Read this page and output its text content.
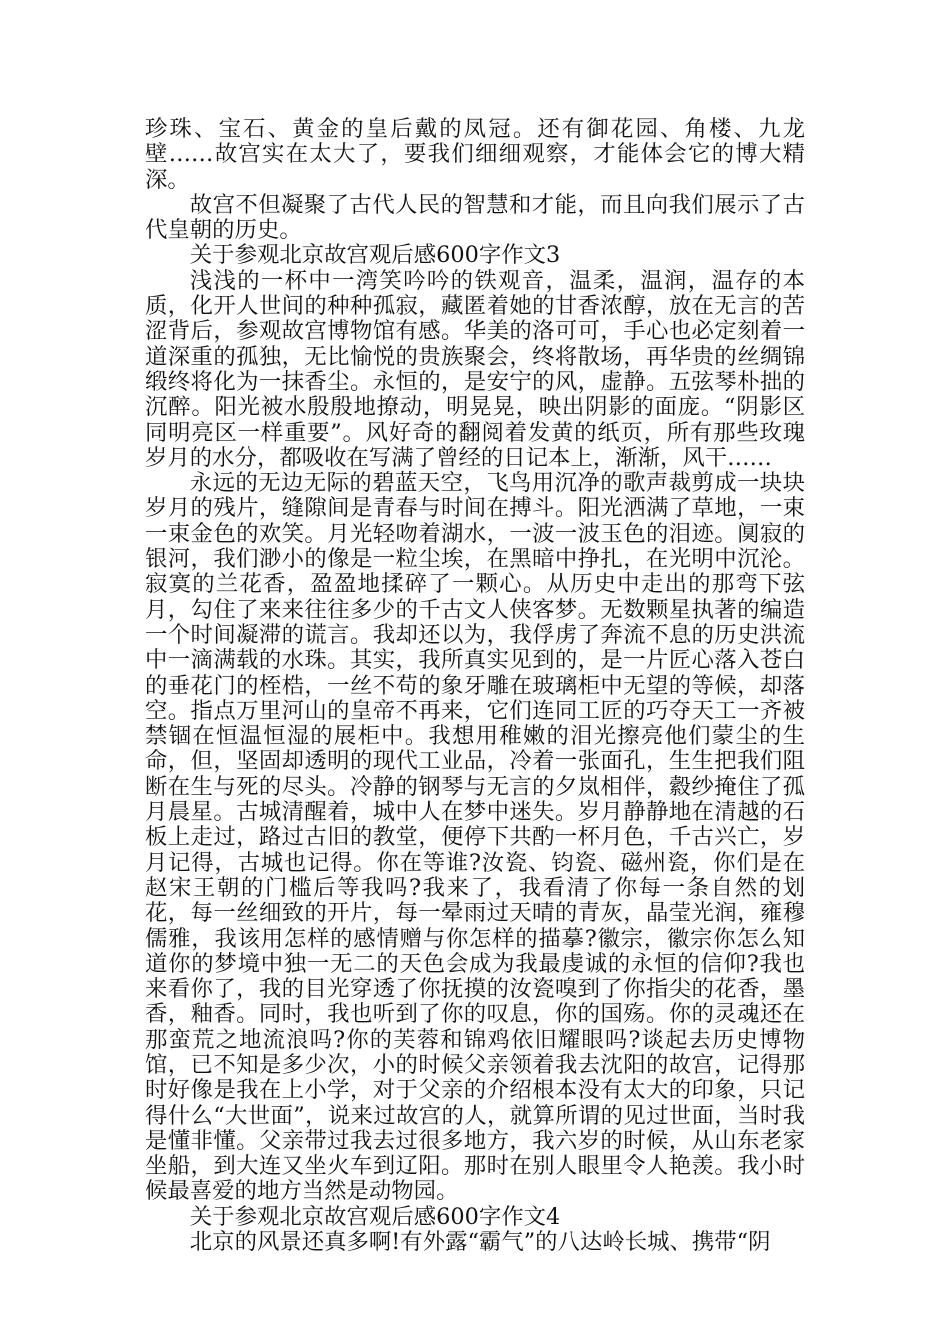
珍珠、宝石、黄金的皇后戴的凤冠。还有御花园、角楼、九龙壁……故宫实在太大了，要我们细细观察，才能体会它的博大精深。

故宫不但凝聚了古代人民的智慧和才能，而且向我们展示了古代皇朝的历史。

关于参观北京故宫观后感600字作文3

浅浅的一杯中一湾笑吟吟的铁观音，温柔，温润，温存的本质，化开人世间的种种孤寂，藏匿着她的甘香浓醇，放在无言的苦涩背后，参观故宫博物馆有感。华美的洛可可，手心也必定刻着一道深重的孤独，无比愉悦的贵族聚会，终将散场，再华贵的丝绸锦缎终将化为一抹香尘。永恒的，是安宁的风，虚静。五弦琴朴拙的沉醉。阳光被水殷殷地撩动，明晃晃，映出阴影的面庞。“阴影区同明亮区一样重要”。风好奇的翻阅着发黄的纸页，所有那些玫瑰岁月的水分，都吸收在写满了曾经的日记本上，渐渐，风干……

永远的无边无际的碧蓝天空，飞鸟用沉净的歌声裁剪成一块块岁月的残片，缝隙间是青春与时间在搏斗。阳光洒满了草地，一束一束金色的欢笑。月光轻吻着湖水，一波一波玉色的泪迹。阒寂的银河，我们渺小的像是一粒尘埃，在黑暗中挣扎，在光明中沉沦。寂寞的兰花香，盈盈地揉碎了一颗心。从历史中走出的那弯下弦月，勾住了来来往往多少的千古文人侠客梦。无数颗星执著的编造一个时间凝滞的谎言。我却还以为，我俘虏了奔流不息的历史洪流中一滴满载的水珠。其实，我所真实见到的，是一片匠心落入苍白的垂花门的桎梏，一丝不苟的象牙雕在玻璃柜中无望的等候，却落空。指点万里河山的皇帝不再来，它们连同工匠的巧夺天工一齐被禁锢在恒温恒湿的展柜中。我想用稚嫩的泪光擦亮他们蒙尘的生命，但，坚固却透明的现代工业品，冷着一张面孔，生生把我们阻断在生与死的尽头。冷静的钢琴与无言的夕岚相伴，縠纱掩住了孤月晨星。古城清醒着，城中人在梦中迷失。岁月静静地在清越的石板上走过，路过古旧的教堂，便停下共酌一杯月色，千古兴亡，岁月记得，古城也记得。你在等谁?汝瓷、钧瓷、磁州瓷，你们是在赵宋王朝的门槛后等我吗?我来了，我看清了你每一条自然的划花，每一丝细致的开片，每一晕雨过天晴的青灰，晶莹光润，雍穆儒雅，我该用怎样的感情赠与你怎样的描摹?徽宗，徽宗你怎么知道你的梦境中独一无二的天色会成为我最虔诚的永恒的信仰?我也来看你了，我的目光穿透了你抚摸的汝瓷嗅到了你指尖的花香，墨香，釉香。同时，我也听到了你的叹息，你的国殇。你的灵魂还在那蛮荒之地流浪吗?你的芙蓉和锦鸡依旧耀眼吗?谈起去历史博物馆，已不知是多少次，小的时候父亲领着我去沈阳的故宫，记得那时好像是我在上小学，对于父亲的介绍根本没有太大的印象，只记得什么“大世面”，说来过故宫的人，就算所谓的见过世面，当时我是懂非懂。父亲带过我去过很多地方，我六岁的时候，从山东老家坐船，到大连又坐火车到辽阳。那时在别人眼里令人艳羡。我小时候最喜爱的地方当然是动物园。

关于参观北京故宫观后感600字作文4

北京的风景还真多啊!有外露“霸气”的八达岭长城、携带“阴
